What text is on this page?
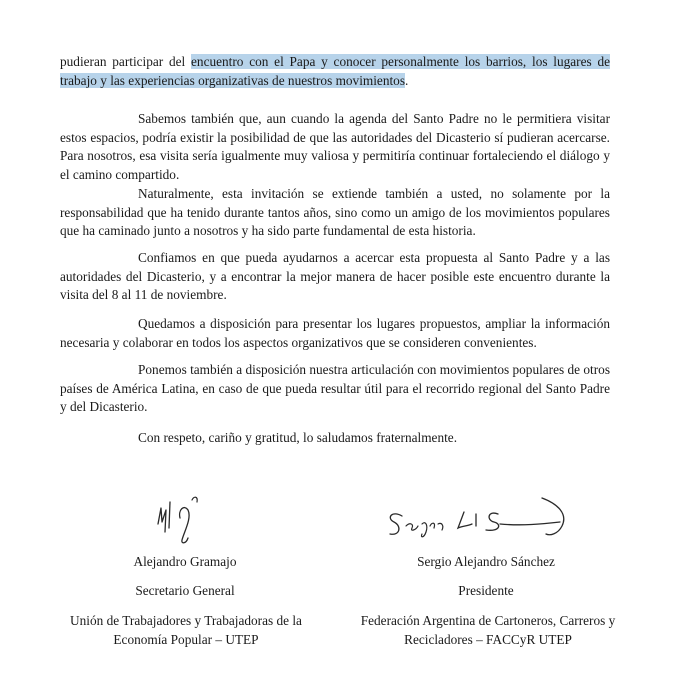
pudieran participar del encuentro con el Papa y conocer personalmente los barrios, los lugares de trabajo y las experiencias organizativas de nuestros movimientos.

Sabemos también que, aun cuando la agenda del Santo Padre no le permitiera visitar estos espacios, podría existir la posibilidad de que las autoridades del Dicasterio sí pudieran acercarse. Para nosotros, esa visita sería igualmente muy valiosa y permitiría continuar fortaleciendo el diálogo y el camino compartido.

Naturalmente, esta invitación se extiende también a usted, no solamente por la responsabilidad que ha tenido durante tantos años, sino como un amigo de los movimientos populares que ha caminado junto a nosotros y ha sido parte fundamental de esta historia.

Confiamos en que pueda ayudarnos a acercar esta propuesta al Santo Padre y a las autoridades del Dicasterio, y a encontrar la mejor manera de hacer posible este encuentro durante la visita del 8 al 11 de noviembre.

Quedamos a disposición para presentar los lugares propuestos, ampliar la información necesaria y colaborar en todos los aspectos organizativos que se consideren convenientes.

Ponemos también a disposición nuestra articulación con movimientos populares de otros países de América Latina, en caso de que pueda resultar útil para el recorrido regional del Santo Padre y del Dicasterio.

Con respeto, cariño y gratitud, lo saludamos fraternalmente.

Alejandro Gramajo
Secretario General
Unión de Trabajadores y Trabajadoras de la Economía Popular – UTEP
Sergio Alejandro Sánchez
Presidente
Federación Argentina de Cartoneros, Carreros y Recicladores – FACCyR UTEP
